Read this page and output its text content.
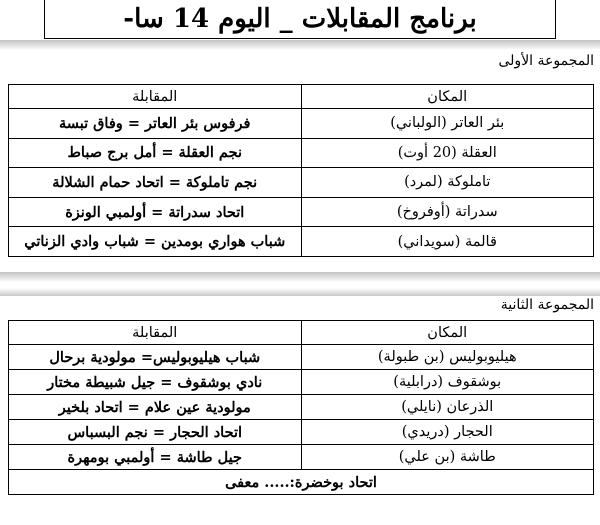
برنامج المقابلات _ اليوم 14 سا-
المجموعة الأولى
المكان	المقابلة
بئر العاتر (الولباني)	فرفوس بئر العاتر = وفاق تبسة
العقلة (20 أوت)	نجم العقلة = أمل برج صباط
تاملوكة (لمرد)	نجم تاملوكة = اتحاد حمام الشلالة
سدراتة (أوفروخ)	اتحاد سدراتة = أولمبي الونزة
قالمة (سويداني)	شباب هواري بومدين = شباب وادي الزناتي
المجموعة الثانية
المكان	المقابلة
هيليوبوليس (بن طبولة)	شباب هيليوبوليس= مولودية برحال
بوشقوف (درابلية)	نادي بوشقوف = جيل شبيطة مختار
الذرعان (نايلي)	مولودية عين علام = اتحاد بلخير
الحجار (دريدي)	اتحاد الحجار = نجم البسباس
طاشة (بن علي)	جيل طاشة = أولمبي بومهرة
اتحاد بوخضرة:..... معفى	
